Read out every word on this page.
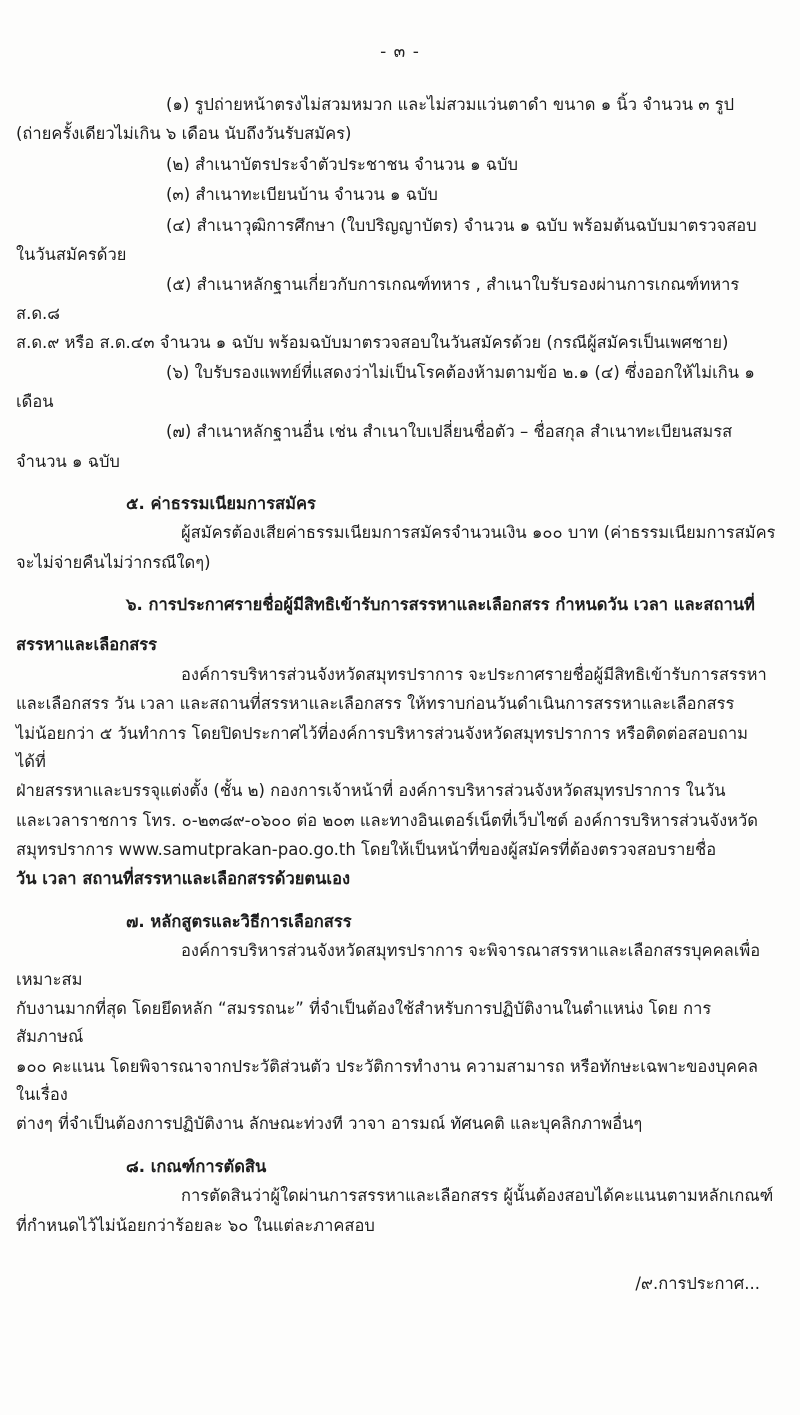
- ๓ -

(๑) รูปถ่ายหน้าตรงไม่สวมหมวก และไม่สวมแว่นตาดำ ขนาด ๑ นิ้ว จำนวน ๓ รูป

(ถ่ายครั้งเดียวไม่เกิน ๖ เดือน นับถึงวันรับสมัคร)

(๒) สำเนาบัตรประจำตัวประชาชน จำนวน ๑ ฉบับ

(๓) สำเนาทะเบียนบ้าน จำนวน ๑ ฉบับ

(๔) สำเนาวุฒิการศึกษา (ใบปริญญาบัตร) จำนวน ๑ ฉบับ พร้อมต้นฉบับมาตรวจสอบ

ในวันสมัครด้วย

(๕) สำเนาหลักฐานเกี่ยวกับการเกณฑ์ทหาร , สำเนาใบรับรองผ่านการเกณฑ์ทหาร ส.ด.๘

ส.ด.๙ หรือ ส.ด.๔๓ จำนวน ๑ ฉบับ พร้อมฉบับมาตรวจสอบในวันสมัครด้วย (กรณีผู้สมัครเป็นเพศชาย)

(๖) ใบรับรองแพทย์ที่แสดงว่าไม่เป็นโรคต้องห้ามตามข้อ ๒.๑ (๔) ซึ่งออกให้ไม่เกิน ๑ เดือน

(๗) สำเนาหลักฐานอื่น เช่น สำเนาใบเปลี่ยนชื่อตัว – ชื่อสกุล สำเนาทะเบียนสมรส

จำนวน ๑ ฉบับ

๕. ค่าธรรมเนียมการสมัคร

ผู้สมัครต้องเสียค่าธรรมเนียมการสมัครจำนวนเงิน ๑๐๐ บาท (ค่าธรรมเนียมการสมัคร

จะไม่จ่ายคืนไม่ว่ากรณีใดๆ)

๖. การประกาศรายชื่อผู้มีสิทธิเข้ารับการสรรหาและเลือกสรร กำหนดวัน เวลา และสถานที่

สรรหาและเลือกสรร

องค์การบริหารส่วนจังหวัดสมุทรปราการ จะประกาศรายชื่อผู้มีสิทธิเข้ารับการสรรหา

และเลือกสรร วัน เวลา และสถานที่สรรหาและเลือกสรร ให้ทราบก่อนวันดำเนินการสรรหาและเลือกสรร

ไม่น้อยกว่า ๕ วันทำการ โดยปิดประกาศไว้ที่องค์การบริหารส่วนจังหวัดสมุทรปราการ หรือติดต่อสอบถามได้ที่

ฝ่ายสรรหาและบรรจุแต่งตั้ง (ชั้น ๒) กองการเจ้าหน้าที่ องค์การบริหารส่วนจังหวัดสมุทรปราการ ในวัน

และเวลาราชการ โทร. ๐-๒๓๘๙-๐๖๐๐ ต่อ ๒๐๓ และทางอินเตอร์เน็ตที่เว็บไซต์ องค์การบริหารส่วนจังหวัด

สมุทรปราการ www.samutprakan-pao.go.th โดยให้เป็นหน้าที่ของผู้สมัครที่ต้องตรวจสอบรายชื่อ

วัน เวลา สถานที่สรรหาและเลือกสรรด้วยตนเอง

๗. หลักสูตรและวิธีการเลือกสรร

องค์การบริหารส่วนจังหวัดสมุทรปราการ จะพิจารณาสรรหาและเลือกสรรบุคคลเพื่อเหมาะสม

กับงานมากที่สุด โดยยึดหลัก “สมรรถนะ” ที่จำเป็นต้องใช้สำหรับการปฏิบัติงานในตำแหน่ง โดย การสัมภาษณ์

๑๐๐ คะแนน โดยพิจารณาจากประวัติส่วนตัว ประวัติการทำงาน ความสามารถ หรือทักษะเฉพาะของบุคคลในเรื่อง

ต่างๆ ที่จำเป็นต้องการปฏิบัติงาน ลักษณะท่วงที วาจา อารมณ์ ทัศนคติ และบุคลิกภาพอื่นๆ

๘. เกณฑ์การตัดสิน

การตัดสินว่าผู้ใดผ่านการสรรหาและเลือกสรร ผู้นั้นต้องสอบได้คะแนนตามหลักเกณฑ์

ที่กำหนดไว้ไม่น้อยกว่าร้อยละ ๖๐ ในแต่ละภาคสอบ

/๙.การประกาศ...
